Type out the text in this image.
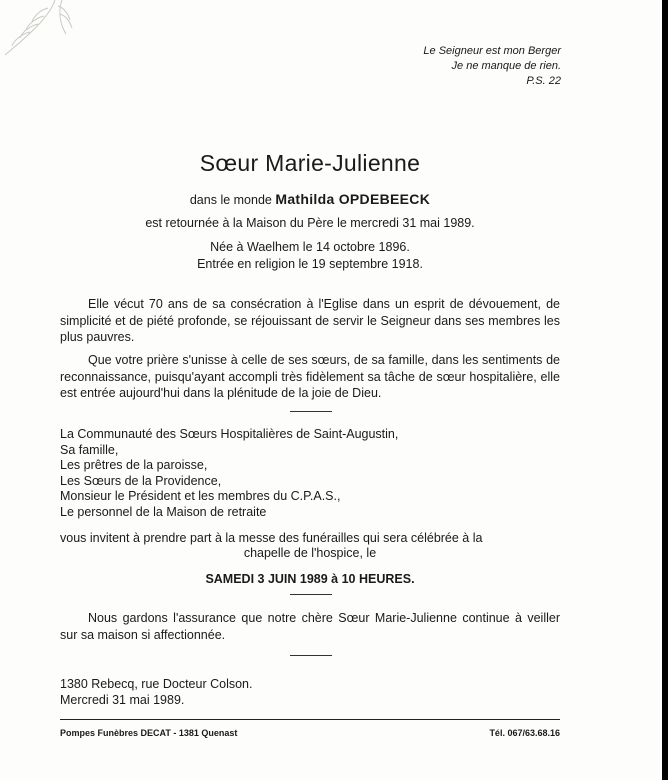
Le Seigneur est mon Berger
Je ne manque de rien.
P.S. 22
Sœur Marie-Julienne
dans le monde Mathilda OPDEBEECK
est retournée à la Maison du Père le mercredi 31 mai 1989.
Née à Waelhem le 14 octobre 1896.
Entrée en religion le 19 septembre 1918.

Elle vécut 70 ans de sa consécration à l'Eglise dans un esprit de dévouement, de simplicité et de piété profonde, se réjouissant de servir le Seigneur dans ses membres les plus pauvres.

Que votre prière s'unisse à celle de ses sœurs, de sa famille, dans les sentiments de reconnaissance, puisqu'ayant accompli très fidèlement sa tâche de sœur hospitalière, elle est entrée aujourd'hui dans la plénitude de la joie de Dieu.

La Communauté des Sœurs Hospitalières de Saint-Augustin,
Sa famille,
Les prêtres de la paroisse,
Les Sœurs de la Providence,
Monsieur le Président et les membres du C.P.A.S.,
Le personnel de la Maison de retraite

vous invitent à prendre part à la messe des funérailles qui sera célébrée à la

chapelle de l'hospice, le
SAMEDI 3 JUIN 1989 à 10 HEURES.

Nous gardons l'assurance que notre chère Sœur Marie-Julienne continue à veiller sur sa maison si affectionnée.

1380 Rebecq, rue Docteur Colson.
Mercredi 31 mai 1989.
Pompes Funèbres DECAT - 1381 Quenast	Tél. 067/63.68.16
